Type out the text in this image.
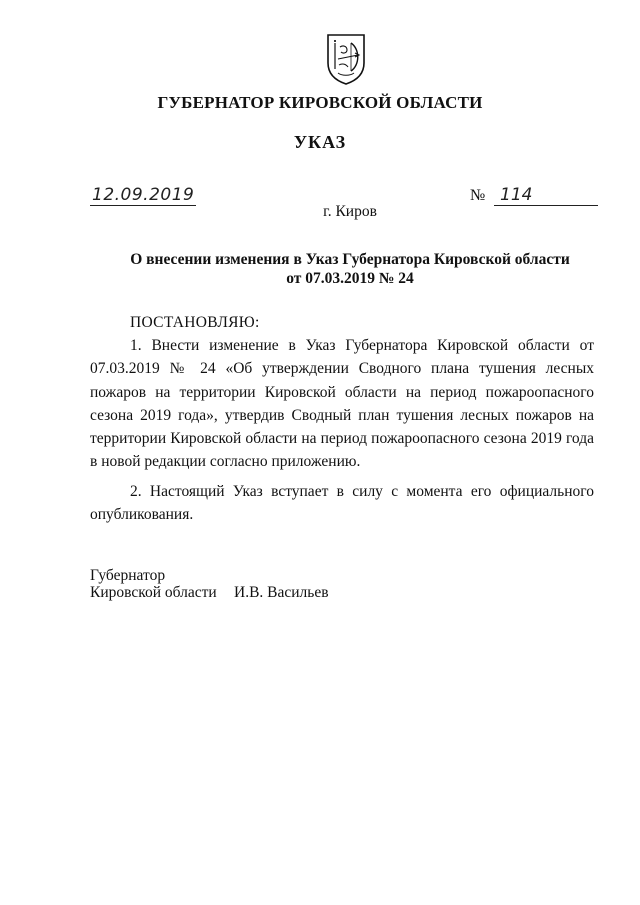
ГУБЕРНАТОР КИРОВСКОЙ ОБЛАСТИ
УКАЗ
12.09.2019	№ 114
г. Киров
О внесении изменения в Указ Губернатора Кировской области
от 07.03.2019 № 24
ПОСТАНОВЛЯЮ:
1. Внести изменение в Указ Губернатора Кировской области от 07.03.2019 № 24 «Об утверждении Сводного плана тушения лесных пожаров на территории Кировской области на период пожароопасного сезона 2019 года», утвердив Сводный план тушения лесных пожаров на территории Кировской области на период пожароопасного сезона 2019 года в новой редакции согласно приложению.
2. Настоящий Указ вступает в силу с момента его официального опубликования.
Губернатор
Кировской области И.В. Васильев
